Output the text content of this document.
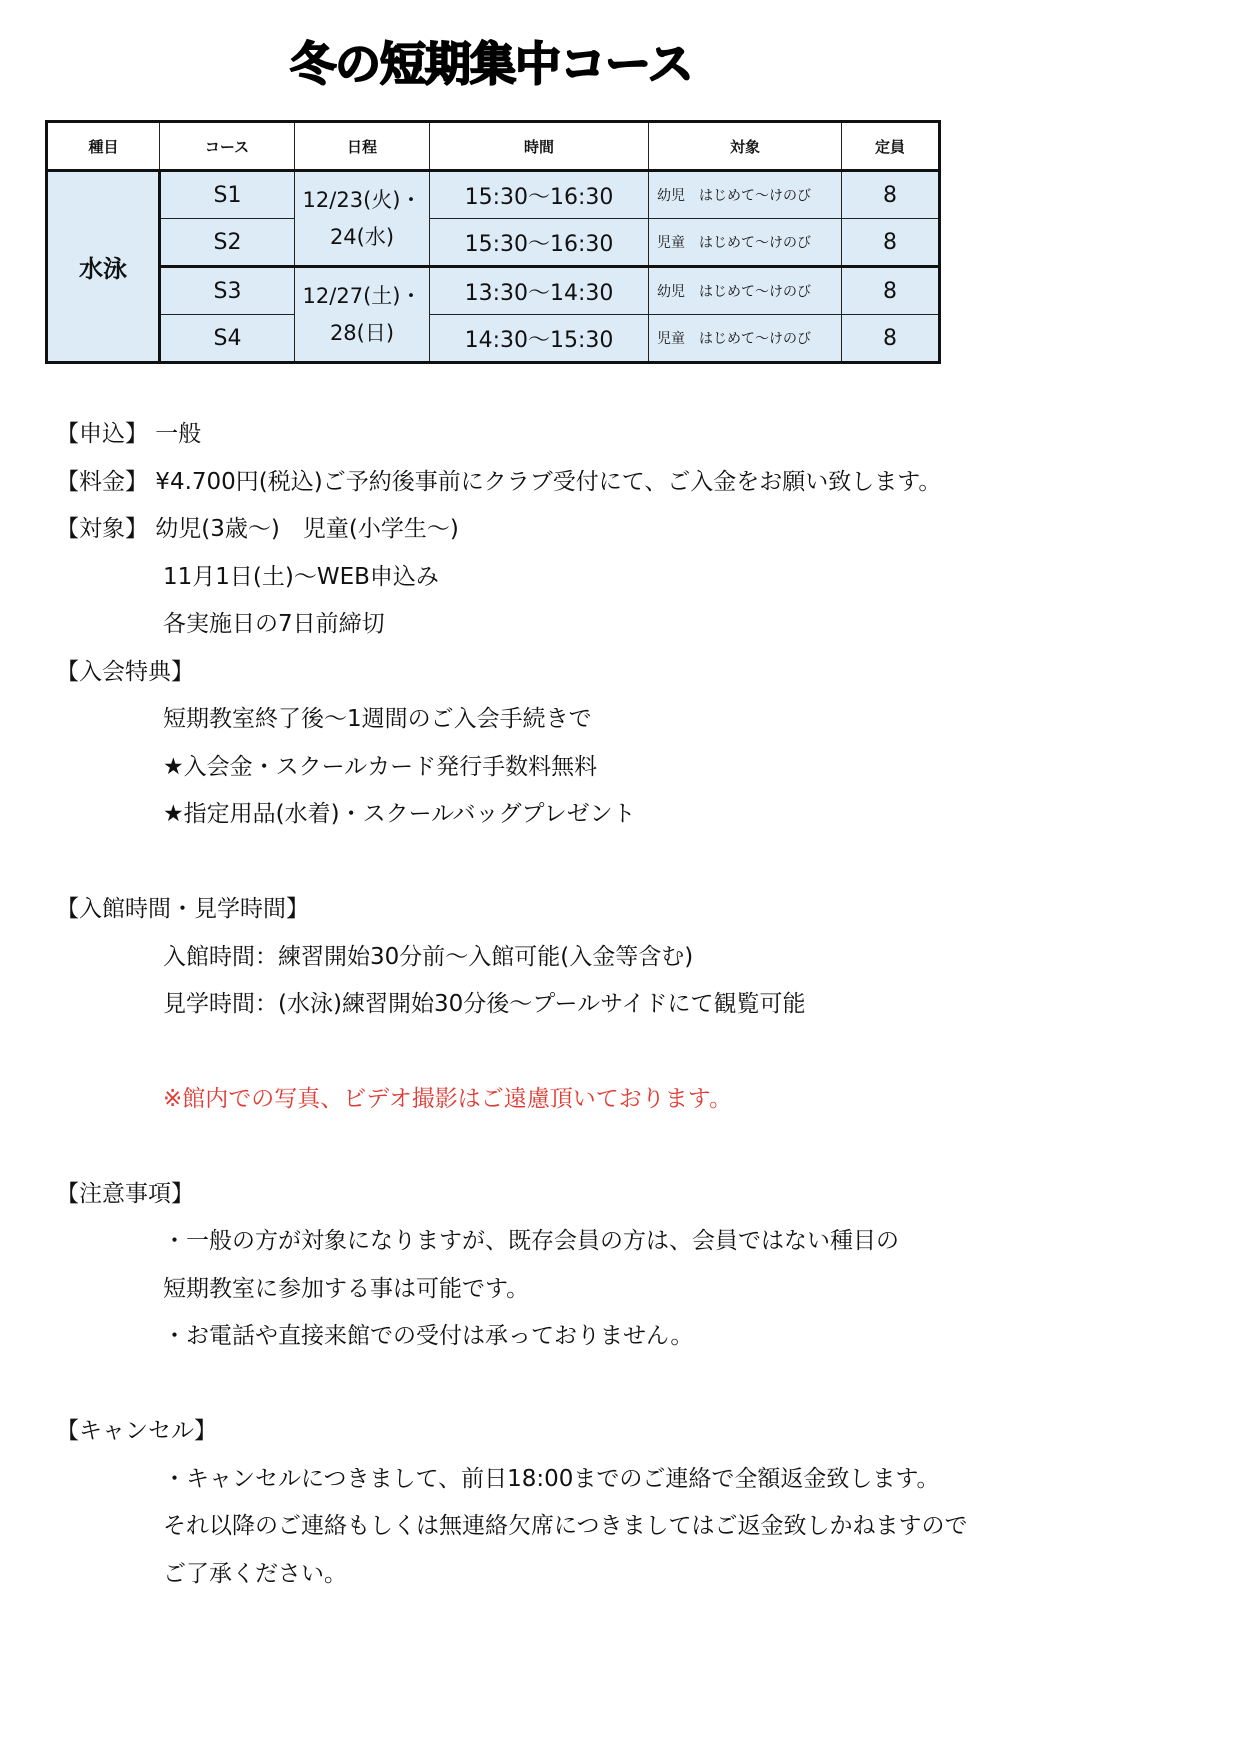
冬の短期集中コース
種目	コース	日程	時間	対象	定員
水泳	S1	12/23(火)・24(水)	15:30〜16:30	幼児　はじめて〜けのび	8
	S2		15:30〜16:30	児童　はじめて〜けのび	8
	S3	12/27(土)・28(日)	13:30〜14:30	幼児　はじめて〜けのび	8
	S4		14:30〜15:30	児童　はじめて〜けのび	8
【申込】 一般
【料金】 ¥4.700円(税込)ご予約後事前にクラブ受付にて、ご入金をお願い致します。
【対象】 幼児(3歳〜)　児童(小学生〜)
11月1日(土)〜WEB申込み
各実施日の7日前締切
【入会特典】
短期教室終了後〜1週間のご入会手続きで
★入会金・スクールカード発行手数料無料
★指定用品(水着)・スクールバッグプレゼント
【入館時間・見学時間】
入館時間：練習開始30分前〜入館可能(入金等含む)
見学時間：(水泳)練習開始30分後〜プールサイドにて観覧可能
※館内での写真、ビデオ撮影はご遠慮頂いております。
【注意事項】
・一般の方が対象になりますが、既存会員の方は、会員ではない種目の
短期教室に参加する事は可能です。
・お電話や直接来館での受付は承っておりません。
【キャンセル】
・キャンセルにつきまして、前日18:00までのご連絡で全額返金致します。
それ以降のご連絡もしくは無連絡欠席につきましてはご返金致しかねますので
ご了承ください。
